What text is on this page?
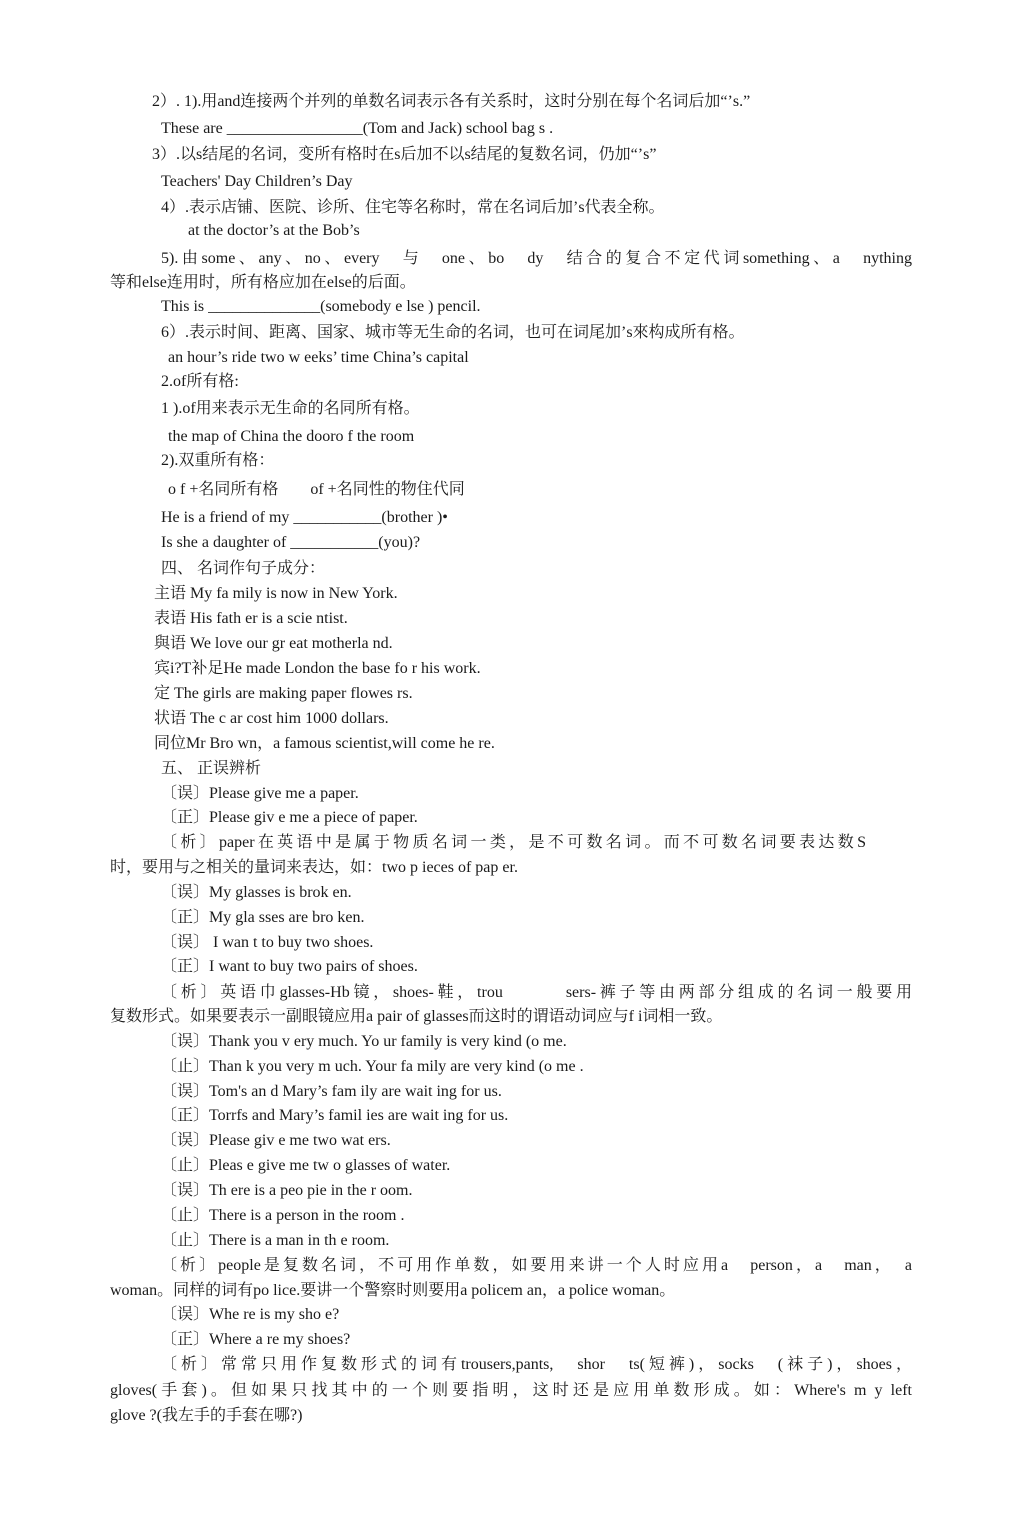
2）. 1).用and连接两个并列的单数名词表示各有关系时，这时分别在每个名词后加“’s.”
These are _________________(Tom and Jack) school bag s .
3）.以s结尾的名词，变所有格时在s后加不以s结尾的复数名词，仍加“’s”
Teachers' Day Children’s Day
4）.表示店铺、医院、诊所、住宅等名称时，常在名词后加’s代表全称。
at the doctor’s at the Bob’s
5).由some、any、no、every　与　one、bo　dy　结合的复合不定代词something、a　nything
等和else连用时，所有格应加在else的后面。
This is ______________(somebody e lse ) pencil.
6）.表示时间、距离、国家、城市等无生命的名词，也可在词尾加’s來构成所有格。
an hour’s ride two w eeks’ time China’s capital
2.of所有格:
1 ).of用来表示无生命的名同所有格。
the map of China the dooro f the room
2).双重所有格：
o f +名同所有格　　of +名同性的物住代同
He is a friend of my ___________(brother )•
Is she a daughter of ___________(you)?
四、 名词作句子成分：
主语 My fa mily is now in New York.
表语 His fath er is a scie ntist.
與语 We love our gr eat motherla nd.
宾i?T补足He made London the base fo r his work.
定 The girls are making paper flowes rs.
状语 The c ar cost him 1000 dollars.
同位Mr Bro wn，a famous scientist,will come he re.
五、 正误辨析
〔误〕Please give me a paper.
〔正〕Please giv e me a piece of paper.
〔析〕paper在英语中是属于物质名词一类，是不可数名词。而不可数名词要表达数S
时，要用与之相关的量词来表达，如：two p ieces of pap er.
〔误〕My glasses is brok en.
〔正〕My gla sses are bro ken.
〔误〕 I wan t to buy two shoes.
〔正〕I want to buy two pairs of shoes.
〔析〕英语巾glasses-Hb镜，shoes-鞋，trou　　　sers-裤子等由两部分组成的名词一般要用
复数形式。如果要表示一副眼镜应用a pair of glasses而这时的谓语动词应与f i词相一致。
〔误〕Thank you v ery much. Yo ur family is very kind (o me.
〔止〕Than k you very m uch. Your fa mily are very kind (o me .
〔误〕Tom's an d Mary’s fam ily are wait ing for us.
〔正〕Torrfs and Mary’s famil ies are wait ing for us.
〔误〕Please giv e me two wat ers.
〔止〕Pleas e give me tw o glasses of water.
〔误〕Th ere is a peo pie in the r oom.
〔止〕There is a person in the room .
〔止〕There is a man in th e room.
〔析〕people是复数名词，不可用作单数，如要用来讲一个人时应用a　person，a　man，　a
woman。同样的词有po lice.要讲一个警察时则要用a policem an，a police woman。
〔误〕Whe re is my sho e?
〔正〕Where a re my shoes?
〔析〕常常只用作复数形式的词有trousers,pants,　shor　ts(短裤)，socks　(袜子)，shoes，
gloves(手套)。但如果只找其中的一个则要指明，这时还是应用单数形成。如：Where's m y left
glove ?(我左手的手套在哪?)
